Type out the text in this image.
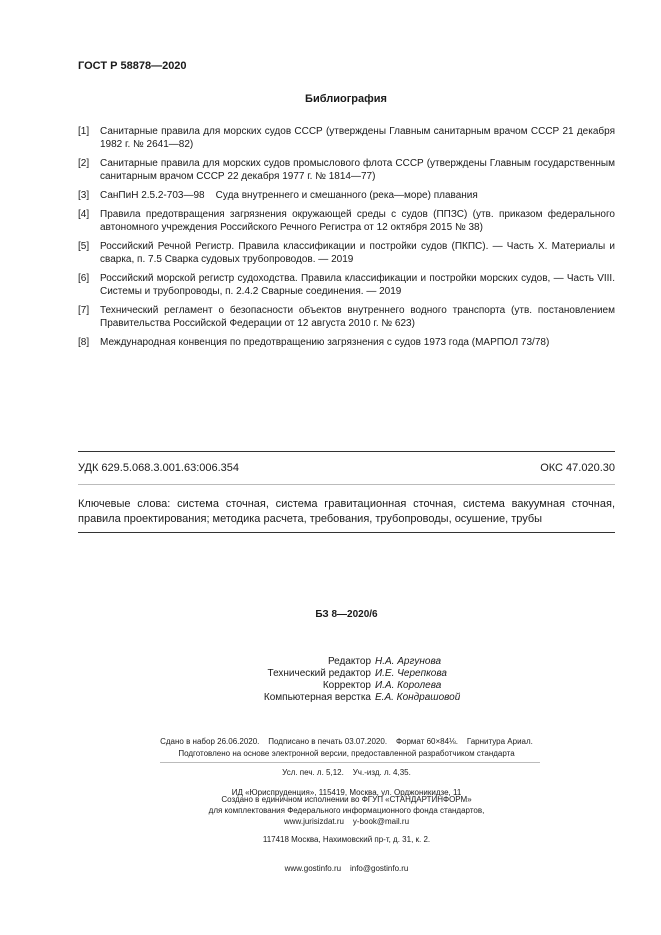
ГОСТ Р 58878—2020
Библиография
[1] Санитарные правила для морских судов СССР (утверждены Главным санитарным врачом СССР 21 декабря 1982 г. № 2641—82)
[2] Санитарные правила для морских судов промыслового флота СССР (утверждены Главным государственным санитарным врачом СССР 22 декабря 1977 г. № 1814—77)
[3] СанПиН 2.5.2-703—98    Суда внутреннего и смешанного (река—море) плавания
[4] Правила предотвращения загрязнения окружающей среды с судов (ППЗС) (утв. приказом федерального автономного учреждения Российского Речного Регистра от 12 октября 2015 № 38)
[5] Российский Речной Регистр. Правила классификации и постройки судов (ПКПС). — Часть X. Материалы и сварка, п. 7.5 Сварка судовых трубопроводов. — 2019
[6] Российский морской регистр судоходства. Правила классификации и постройки морских судов, — Часть VIII. Системы и трубопроводы, п. 2.4.2 Сварные соединения. — 2019
[7] Технический регламент о безопасности объектов внутреннего водного транспорта (утв. постановлением Правительства Российской Федерации от 12 августа 2010 г. № 623)
[8] Международная конвенция по предотвращению загрязнения с судов 1973 года (МАРПОЛ 73/78)
УДК 629.5.068.3.001.63:006.354	ОКС 47.020.30
Ключевые слова: система сточная, система гравитационная сточная, система вакуумная сточная, правила проектирования; методика расчета, требования, трубопроводы, осушение, трубы
БЗ 8—2020/6
Редактор Н.А. Аргунова
Технический редактор И.Е. Черепкова
Корректор И.А. Королева
Компьютерная верстка Е.А. Кондрашовой

Сдано в набор 26.06.2020.    Подписано в печать 03.07.2020.    Формат 60×84⅛.    Гарнитура Ариал.

Усл. печ. л. 5,12.    Уч.-изд. л. 4,35.

Подготовлено на основе электронной версии, предоставленной разработчиком стандарта

ИД «Юриспруденция», 115419, Москва, ул. Орджоникидзе, 11

www.jurisizdat.ru    y-book@mail.ru

Создано в единичном исполнении во ФГУП «СТАНДАРТИНФОРМ»
для комплектования Федерального информационного фонда стандартов,

117418 Москва, Нахимовский пр-т, д. 31, к. 2.

www.gostinfo.ru    info@gostinfo.ru
